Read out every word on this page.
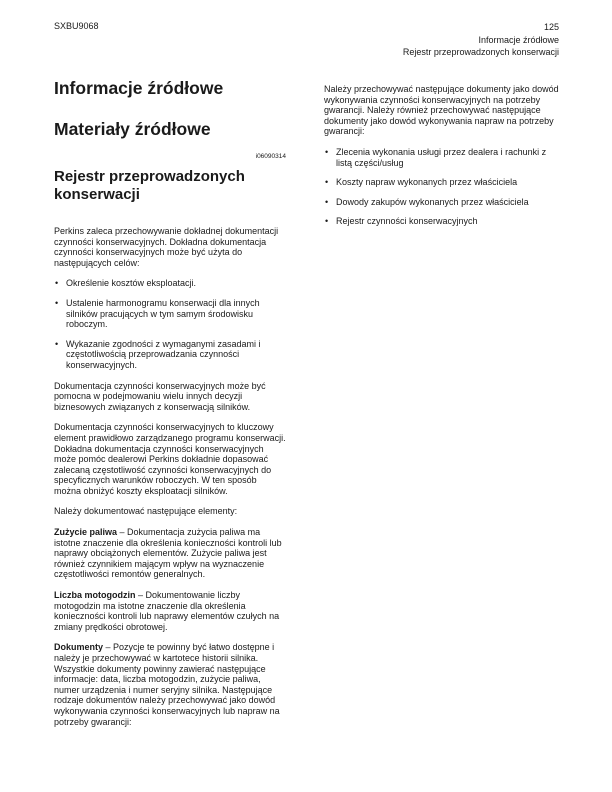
SXBU9068	125
Informacje źródłowe
Rejestr przeprowadzonych konserwacji
Informacje źródłowe
Materiały źródłowe
i06090314
Rejestr przeprowadzonych konserwacji

Perkins zaleca przechowywanie dokładnej dokumentacji czynności konserwacyjnych. Dokładna dokumentacja czynności konserwacyjnych może być użyta do następujących celów:

• Określenie kosztów eksploatacji.
• Ustalenie harmonogramu konserwacji dla innych silników pracujących w tym samym środowisku roboczym.
• Wykazanie zgodności z wymaganymi zasadami i częstotliwością przeprowadzania czynności konserwacyjnych.

Dokumentacja czynności konserwacyjnych może być pomocna w podejmowaniu wielu innych decyzji biznesowych związanych z konserwacją silników.

Dokumentacja czynności konserwacyjnych to kluczowy element prawidłowo zarządzanego programu konserwacji. Dokładna dokumentacja czynności konserwacyjnych może pomóc dealerowi Perkins dokładnie dopasować zalecaną częstotliwość czynności konserwacyjnych do specyficznych warunków roboczych. W ten sposób można obniżyć koszty eksploatacji silników.

Należy dokumentować następujące elementy:

Zużycie paliwa – Dokumentacja zużycia paliwa ma istotne znaczenie dla określenia konieczności kontroli lub naprawy obciążonych elementów. Zużycie paliwa jest również czynnikiem mającym wpływ na wyznaczenie częstotliwości remontów generalnych.

Liczba motogodzin – Dokumentowanie liczby motogodzin ma istotne znaczenie dla określenia konieczności kontroli lub naprawy elementów czułych na zmiany prędkości obrotowej.

Dokumenty – Pozycje te powinny być łatwo dostępne i należy je przechowywać w kartotece historii silnika. Wszystkie dokumenty powinny zawierać następujące informacje: data, liczba motogodzin, zużycie paliwa, numer urządzenia i numer seryjny silnika. Następujące rodzaje dokumentów należy przechowywać jako dowód wykonywania czynności konserwacyjnych lub napraw na potrzeby gwarancji:

Należy przechowywać następujące dokumenty jako dowód wykonywania czynności konserwacyjnych na potrzeby gwarancji. Należy również przechowywać następujące dokumenty jako dowód wykonywania napraw na potrzeby gwarancji:

• Zlecenia wykonania usługi przez dealera i rachunki z listą części/usług
• Koszty napraw wykonanych przez właściciela
• Dowody zakupów wykonanych przez właściciela
• Rejestr czynności konserwacyjnych
